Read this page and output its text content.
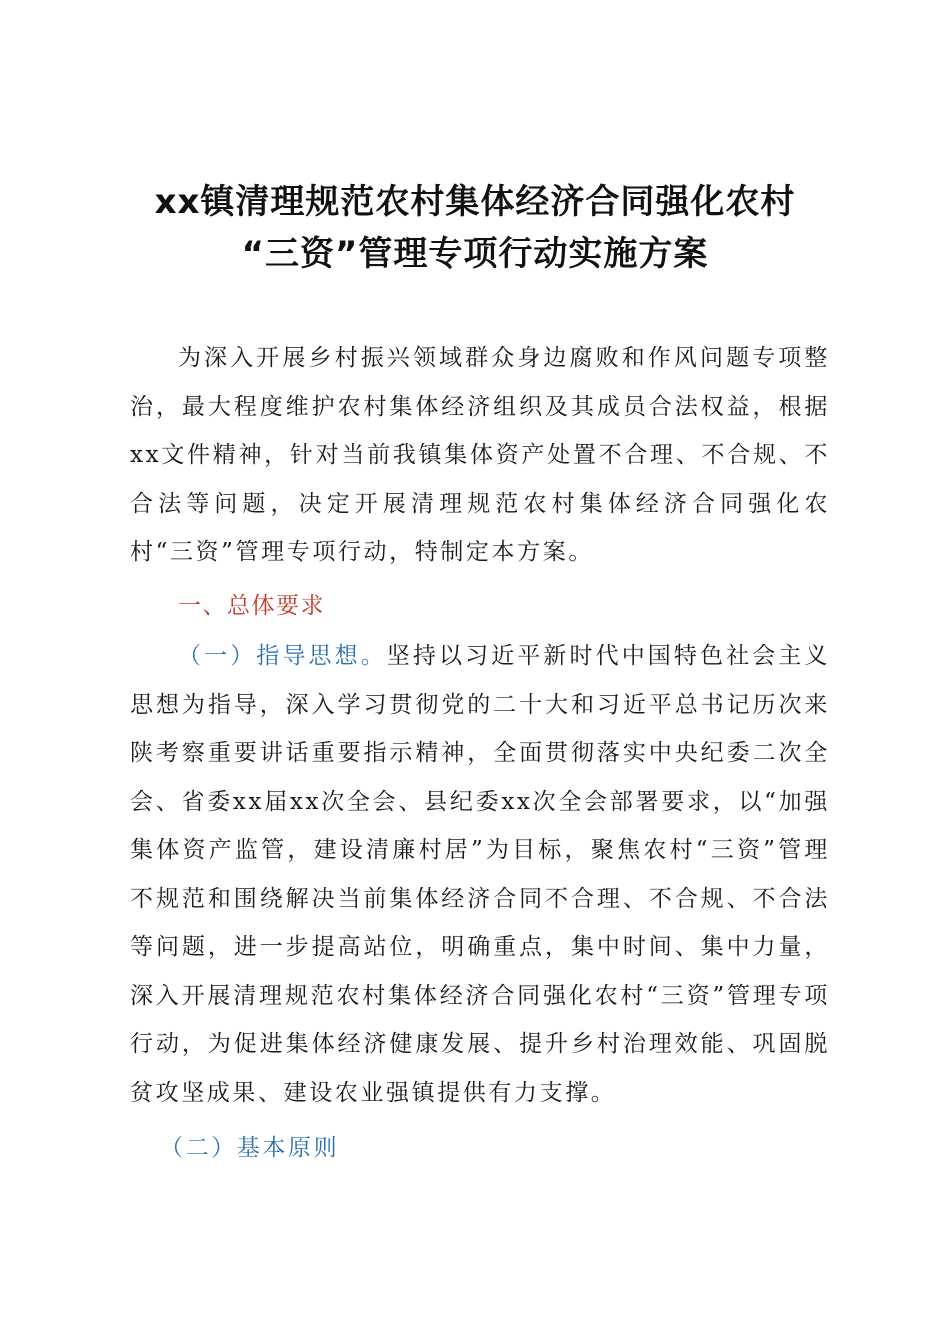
xx镇清理规范农村集体经济合同强化农村
“三资”管理专项行动实施方案

为深入开展乡村振兴领域群众身边腐败和作风问题专项整治，最大程度维护农村集体经济组织及其成员合法权益，根据xx文件精神，针对当前我镇集体资产处置不合理、不合规、不合法等问题，决定开展清理规范农村集体经济合同强化农村“三资”管理专项行动，特制定本方案。

一、总体要求

（一）指导思想。坚持以习近平新时代中国特色社会主义思想为指导，深入学习贯彻党的二十大和习近平总书记历次来陕考察重要讲话重要指示精神，全面贯彻落实中央纪委二次全会、省委xx届xx次全会、县纪委xx次全会部署要求，以“加强集体资产监管，建设清廉村居”为目标，聚焦农村“三资”管理不规范和围绕解决当前集体经济合同不合理、不合规、不合法等问题，进一步提高站位，明确重点，集中时间、集中力量，深入开展清理规范农村集体经济合同强化农村“三资”管理专项行动，为促进集体经济健康发展、提升乡村治理效能、巩固脱贫攻坚成果、建设农业强镇提供有力支撑。

（二）基本原则
